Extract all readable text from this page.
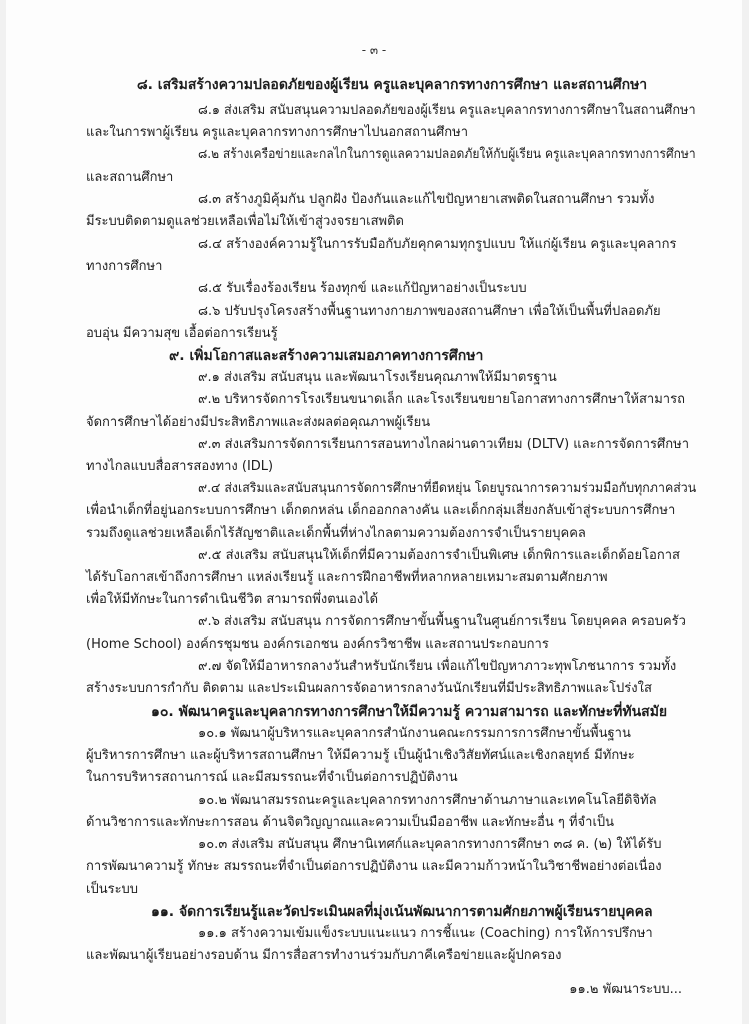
- ๓ -
๘. เสริมสร้างความปลอดภัยของผู้เรียน ครูและบุคลากรทางการศึกษา และสถานศึกษา
๘.๑ ส่งเสริม สนับสนุนความปลอดภัยของผู้เรียน ครูและบุคลากรทางการศึกษาในสถานศึกษา
และในการพาผู้เรียน ครูและบุคลากรทางการศึกษาไปนอกสถานศึกษา
๘.๒ สร้างเครือข่ายและกลไกในการดูแลความปลอดภัยให้กับผู้เรียน ครูและบุคลากรทางการศึกษา
และสถานศึกษา
๘.๓ สร้างภูมิคุ้มกัน ปลูกฝัง ป้องกันและแก้ไขปัญหายาเสพติดในสถานศึกษา รวมทั้ง
มีระบบติดตามดูแลช่วยเหลือเพื่อไม่ให้เข้าสู่วงจรยาเสพติด
๘.๔ สร้างองค์ความรู้ในการรับมือกับภัยคุกคามทุกรูปแบบ ให้แก่ผู้เรียน ครูและบุคลากร
ทางการศึกษา
๘.๕ รับเรื่องร้องเรียน ร้องทุกข์ และแก้ปัญหาอย่างเป็นระบบ
๘.๖ ปรับปรุงโครงสร้างพื้นฐานทางกายภาพของสถานศึกษา เพื่อให้เป็นพื้นที่ปลอดภัย
อบอุ่น มีความสุข เอื้อต่อการเรียนรู้
๙. เพิ่มโอกาสและสร้างความเสมอภาคทางการศึกษา
๙.๑ ส่งเสริม สนับสนุน และพัฒนาโรงเรียนคุณภาพให้มีมาตรฐาน
๙.๒ บริหารจัดการโรงเรียนขนาดเล็ก และโรงเรียนขยายโอกาสทางการศึกษาให้สามารถ
จัดการศึกษาได้อย่างมีประสิทธิภาพและส่งผลต่อคุณภาพผู้เรียน
๙.๓ ส่งเสริมการจัดการเรียนการสอนทางไกลผ่านดาวเทียม (DLTV) และการจัดการศึกษา
ทางไกลแบบสื่อสารสองทาง (IDL)
๙.๔ ส่งเสริมและสนับสนุนการจัดการศึกษาที่ยืดหยุ่น โดยบูรณาการความร่วมมือกับทุกภาคส่วน
เพื่อนำเด็กที่อยู่นอกระบบการศึกษา เด็กตกหล่น เด็กออกกลางคัน และเด็กกลุ่มเสี่ยงกลับเข้าสู่ระบบการศึกษา
รวมถึงดูแลช่วยเหลือเด็กไร้สัญชาติและเด็กพื้นที่ห่างไกลตามความต้องการจำเป็นรายบุคคล
๙.๕ ส่งเสริม สนับสนุนให้เด็กที่มีความต้องการจำเป็นพิเศษ เด็กพิการและเด็กด้อยโอกาส
ได้รับโอกาสเข้าถึงการศึกษา แหล่งเรียนรู้ และการฝึกอาชีพที่หลากหลายเหมาะสมตามศักยภาพ
เพื่อให้มีทักษะในการดำเนินชีวิต สามารถพึ่งตนเองได้
๙.๖ ส่งเสริม สนับสนุน การจัดการศึกษาขั้นพื้นฐานในศูนย์การเรียน โดยบุคคล ครอบครัว
(Home School) องค์กรชุมชน องค์กรเอกชน องค์กรวิชาชีพ และสถานประกอบการ
๙.๗ จัดให้มีอาหารกลางวันสำหรับนักเรียน เพื่อแก้ไขปัญหาภาวะทุพโภชนาการ รวมทั้ง
สร้างระบบการกำกับ ติดตาม และประเมินผลการจัดอาหารกลางวันนักเรียนที่มีประสิทธิภาพและโปร่งใส
๑๐. พัฒนาครูและบุคลากรทางการศึกษาให้มีความรู้ ความสามารถ และทักษะที่ทันสมัย
๑๐.๑ พัฒนาผู้บริหารและบุคลากรสำนักงานคณะกรรมการการศึกษาขั้นพื้นฐาน
ผู้บริหารการศึกษา และผู้บริหารสถานศึกษา ให้มีความรู้ เป็นผู้นำเชิงวิสัยทัศน์และเชิงกลยุทธ์ มีทักษะ
ในการบริหารสถานการณ์ และมีสมรรถนะที่จำเป็นต่อการปฏิบัติงาน
๑๐.๒ พัฒนาสมรรถนะครูและบุคลากรทางการศึกษาด้านภาษาและเทคโนโลยีดิจิทัล
ด้านวิชาการและทักษะการสอน ด้านจิตวิญญาณและความเป็นมืออาชีพ และทักษะอื่น ๆ ที่จำเป็น
๑๐.๓ ส่งเสริม สนับสนุน ศึกษานิเทศก์และบุคลากรทางการศึกษา ๓๘ ค. (๒) ให้ได้รับ
การพัฒนาความรู้ ทักษะ สมรรถนะที่จำเป็นต่อการปฏิบัติงาน และมีความก้าวหน้าในวิชาชีพอย่างต่อเนื่อง
เป็นระบบ
๑๑. จัดการเรียนรู้และวัดประเมินผลที่มุ่งเน้นพัฒนาการตามศักยภาพผู้เรียนรายบุคคล
๑๑.๑ สร้างความเข้มแข็งระบบแนะแนว การชี้แนะ (Coaching) การให้การปรึกษา
และพัฒนาผู้เรียนอย่างรอบด้าน มีการสื่อสารทำงานร่วมกับภาคีเครือข่ายและผู้ปกครอง
๑๑.๒ พัฒนาระบบ...
